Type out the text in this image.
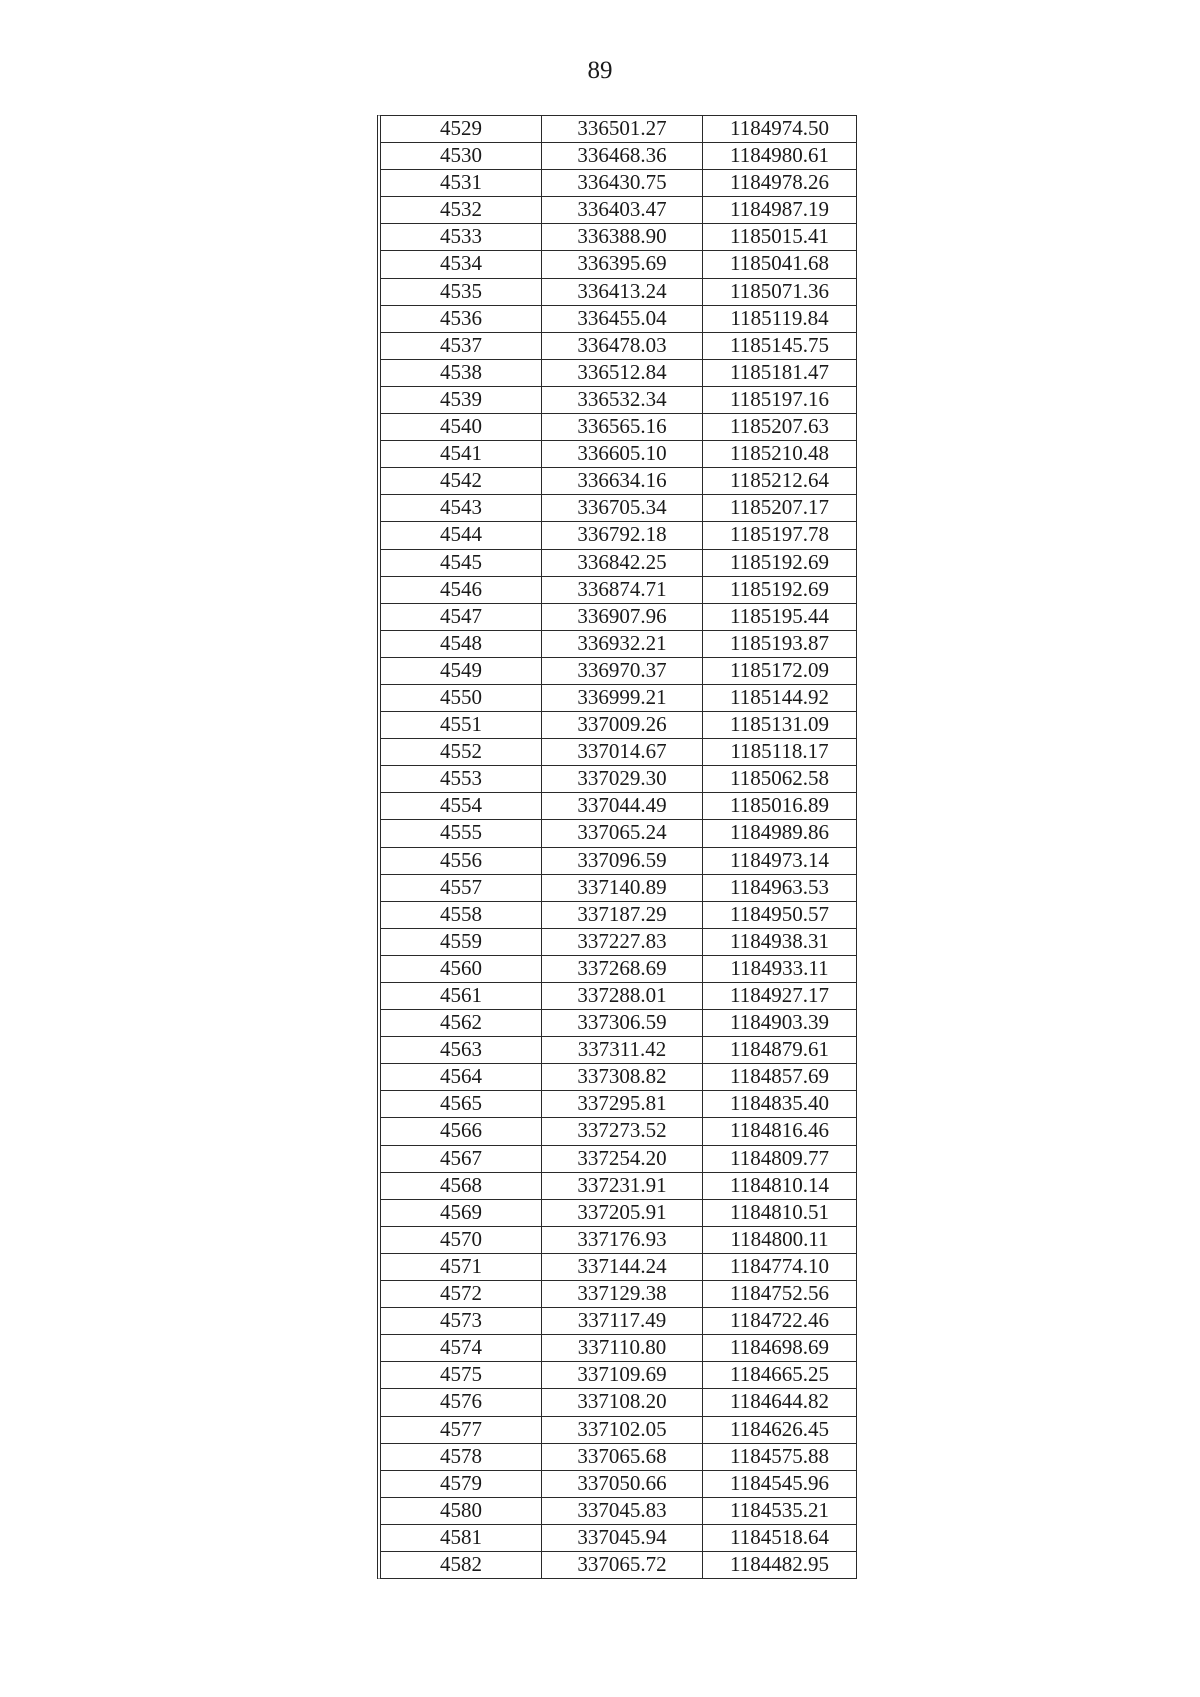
89
4529	336501.27	1184974.50
4530	336468.36	1184980.61
4531	336430.75	1184978.26
4532	336403.47	1184987.19
4533	336388.90	1185015.41
4534	336395.69	1185041.68
4535	336413.24	1185071.36
4536	336455.04	1185119.84
4537	336478.03	1185145.75
4538	336512.84	1185181.47
4539	336532.34	1185197.16
4540	336565.16	1185207.63
4541	336605.10	1185210.48
4542	336634.16	1185212.64
4543	336705.34	1185207.17
4544	336792.18	1185197.78
4545	336842.25	1185192.69
4546	336874.71	1185192.69
4547	336907.96	1185195.44
4548	336932.21	1185193.87
4549	336970.37	1185172.09
4550	336999.21	1185144.92
4551	337009.26	1185131.09
4552	337014.67	1185118.17
4553	337029.30	1185062.58
4554	337044.49	1185016.89
4555	337065.24	1184989.86
4556	337096.59	1184973.14
4557	337140.89	1184963.53
4558	337187.29	1184950.57
4559	337227.83	1184938.31
4560	337268.69	1184933.11
4561	337288.01	1184927.17
4562	337306.59	1184903.39
4563	337311.42	1184879.61
4564	337308.82	1184857.69
4565	337295.81	1184835.40
4566	337273.52	1184816.46
4567	337254.20	1184809.77
4568	337231.91	1184810.14
4569	337205.91	1184810.51
4570	337176.93	1184800.11
4571	337144.24	1184774.10
4572	337129.38	1184752.56
4573	337117.49	1184722.46
4574	337110.80	1184698.69
4575	337109.69	1184665.25
4576	337108.20	1184644.82
4577	337102.05	1184626.45
4578	337065.68	1184575.88
4579	337050.66	1184545.96
4580	337045.83	1184535.21
4581	337045.94	1184518.64
4582	337065.72	1184482.95
